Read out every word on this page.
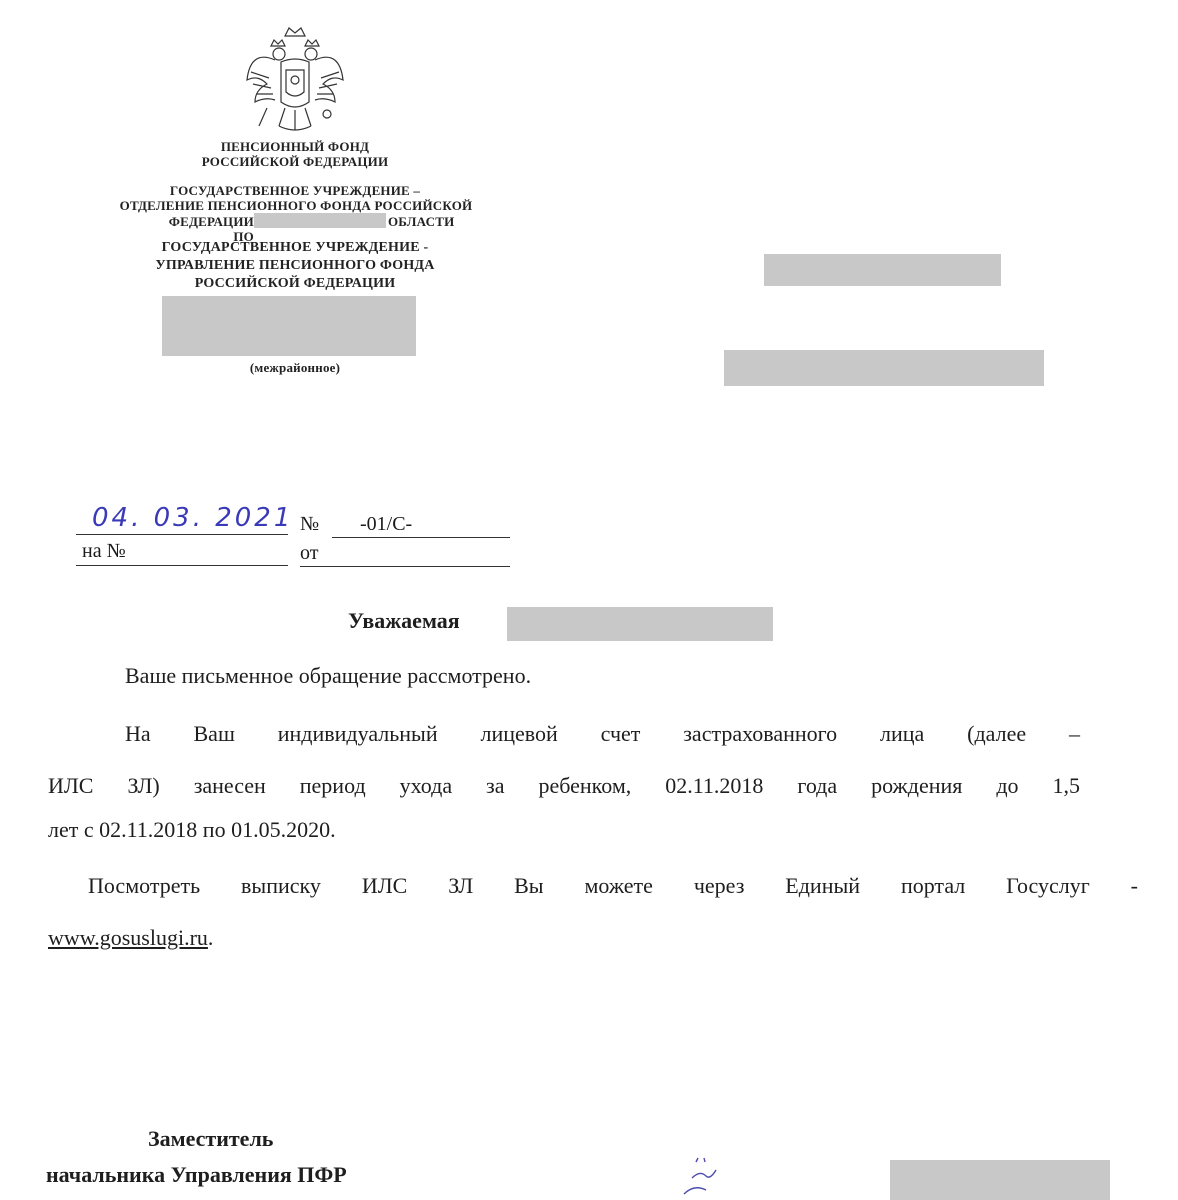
ПЕНСИОННЫЙ ФОНД
РОССИЙСКОЙ ФЕДЕРАЦИИ
ГОСУДАРСТВЕННОЕ УЧРЕЖДЕНИЕ –
ОТДЕЛЕНИЕ ПЕНСИОННОГО ФОНДА РОССИЙСКОЙ
ФЕДЕРАЦИИ ПО
ОБЛАСТИ
ГОСУДАРСТВЕННОЕ УЧРЕЖДЕНИЕ -
УПРАВЛЕНИЕ ПЕНСИОННОГО ФОНДА
РОССИЙСКОЙ ФЕДЕРАЦИИ
(межрайонное)
04. 03. 2021 № -01/С-
на №	от
Уважаемая
Ваше письменное обращение рассмотрено.
На Ваш индивидуальный лицевой счет застрахованного лица (далее –
ИЛС ЗЛ) занесен период ухода за ребенком, 02.11.2018 года рождения до 1,5
лет с 02.11.2018 по 01.05.2020.
Посмотреть выписку ИЛС ЗЛ Вы можете через Единый портал Госуслуг -
www.gosuslugi.ru.
Заместитель
начальника Управления ПФР
